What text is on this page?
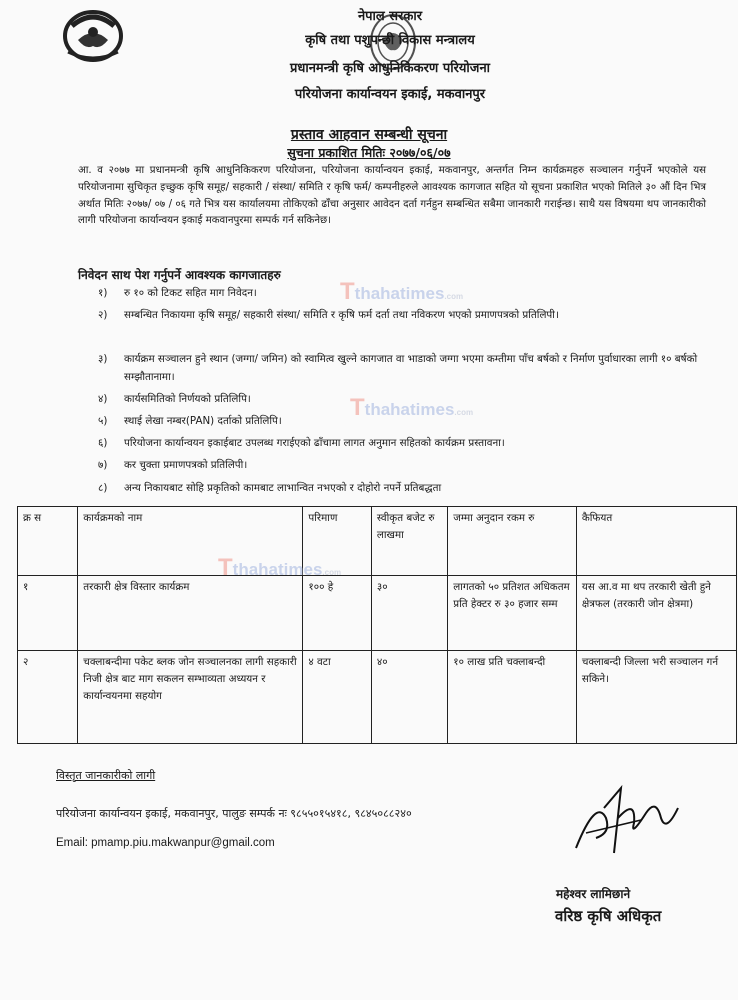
नेपाल सरकार
कृषि तथा पशुपन्छी विकास मन्त्रालय
प्रधानमन्त्री कृषि आधुनिकिकरण परियोजना
परियोजना कार्यान्वयन इकाई, मकवानपुर
प्रस्ताव आहवान सम्बन्धी सूचना
सुचना प्रकाशित मितिः २०७७/०६/०७
आ. व २०७७ मा प्रधानमन्त्री कृषि आधुनिकिकरण परियोजना, परियोजना कार्यान्वयन इकाई, मकवानपुर, अन्तर्गत निम्न कार्यक्रमहरु सञ्चालन गर्नुपर्ने भएकोले यस परियोजनामा सुचिकृत इच्छुक कृषि समूह/ सहकारी / संस्था/ समिति र कृषि फर्म/ कम्पनीहरुले आवश्यक कागजात सहित यो सूचना प्रकाशित भएको मितिले ३० औं दिन भित्र अर्थात मितिः २०७७/ ०७ / ०६ गते भित्र यस कार्यालयमा तोकिएको ढाँचा अनुसार आवेदन दर्ता गर्नहुन सम्बन्धित सबैमा जानकारी गराईन्छ। साथै यस विषयमा थप जानकारीको लागी परियोजना कार्यान्वयन इकाई मकवानपुरमा सम्पर्क गर्न सकिनेछ।
निवेदन साथ पेश गर्नुपर्ने आवश्यक कागजातहरु
१) रु १० को टिकट सहित माग निवेदन।
२) सम्बन्धित निकायमा कृषि समूह/ सहकारी संस्था/ समिति र कृषि फर्म दर्ता तथा नविकरण भएको प्रमाणपत्रको प्रतिलिपी।
३) कार्यक्रम सञ्चालन हुने स्थान (जग्गा/ जमिन) को स्वामित्व खुल्ने कागजात वा भाडाको जग्गा भएमा कम्तीमा पाँच बर्षको र निर्माण पुर्वाधारका लागी १० बर्षको सम्झौतानामा।
४) कार्यसमितिको निर्णयको प्रतिलिपि।
५) स्थाई लेखा नम्बर(PAN) दर्ताको प्रतिलिपि।
६) परियोजना कार्यान्वयन इकाईबाट उपलब्ध गराईएको ढाँचामा लागत अनुमान सहितको कार्यक्रम प्रस्तावना।
७) कर चुक्ता प्रमाणपत्रको प्रतिलिपी।
८) अन्य निकायबाट सोहि प्रकृतिको कामबाट लाभान्वित नभएको र दोहोरो नपर्ने प्रतिबद्धता
क्र स	कार्यक्रमको नाम	परिमाण	स्वीकृत बजेट रु लाखमा	जम्मा अनुदान रकम रु	कैफियत
१	तरकारी क्षेत्र विस्तार कार्यक्रम	१०० हे	३०	लागतको ५० प्रतिशत अधिकतम प्रति हेक्टर रु ३० हजार सम्म	यस आ.व मा थप तरकारी खेती हुने क्षेत्रफल (तरकारी जोन क्षेत्रमा)
२	चक्लाबन्दीमा पकेट ब्लक जोन सञ्चालनका लागी सहकारी निजी क्षेत्र बाट माग सकलन सम्भाव्यता अध्ययन र कार्यान्वयनमा सहयोग	४ वटा	४०	१० लाख प्रति चक्लाबन्दी	चक्लाबन्दी जिल्ला भरी सञ्चालन गर्न सकिने।
Tthahatimes.com
Tthahatimes.com
Tthahatimes.com
विस्तृत जानकारीको लागी
परियोजना कार्यान्वयन इकाई, मकवानपुर, पालुङ सम्पर्क नः ९८५५०१५४१८, ९८४५०८८२४०
Email: pmamp.piu.makwanpur@gmail.com
महेश्वर लामिछाने
वरिष्ठ कृषि अधिकृत
